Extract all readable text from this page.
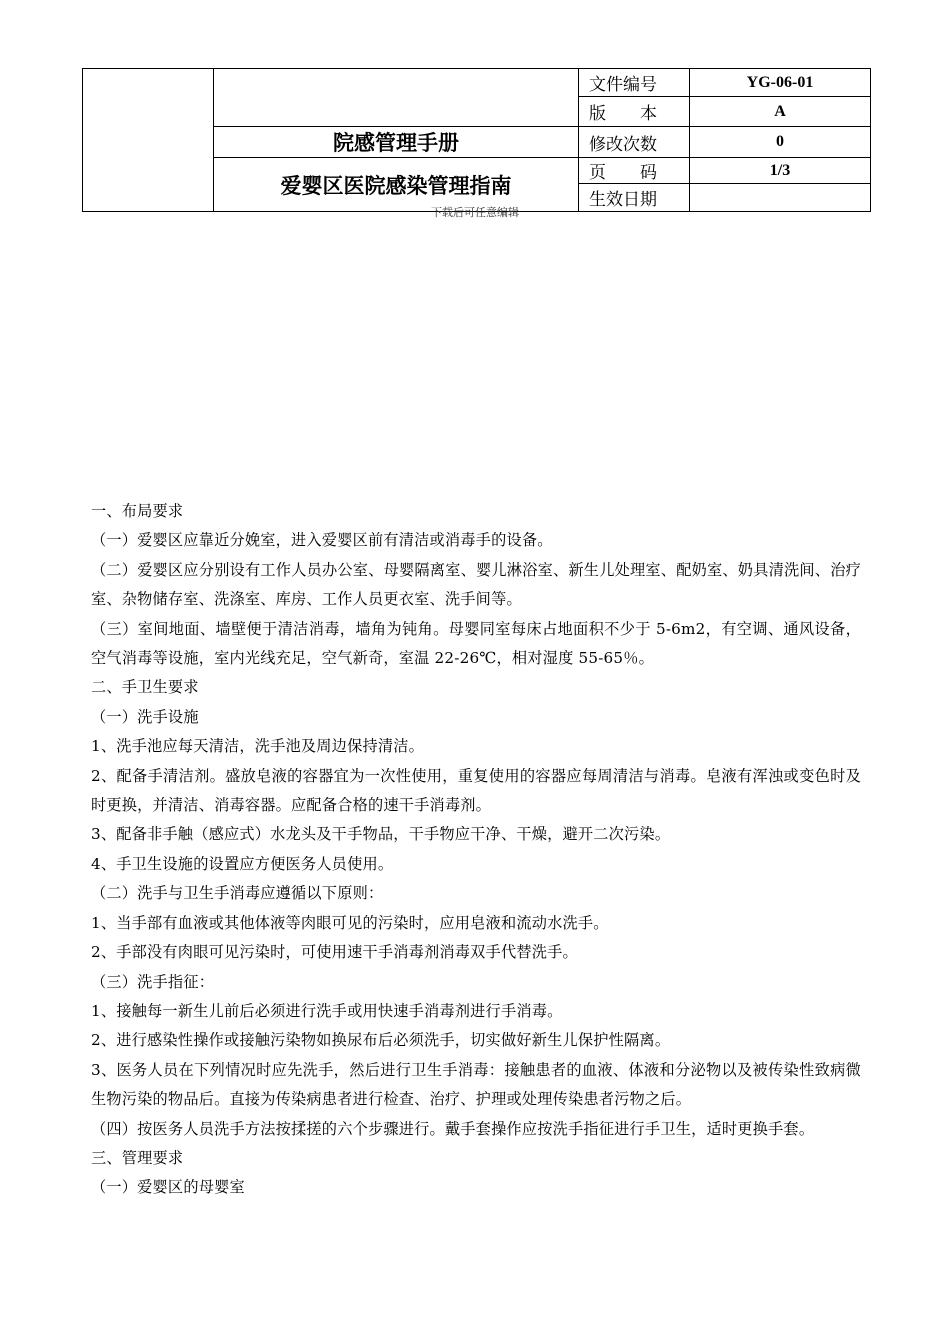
		文件编号	YG-06-01
		版　　本	A
	院感管理手册	修改次数	0
	爱婴区医院感染管理指南	页　　码	1/3
		生效日期	
下载后可任意编辑

一、布局要求

（一）爱婴区应靠近分娩室，进入爱婴区前有清洁或消毒手的设备。

（二）爱婴区应分别设有工作人员办公室、母婴隔离室、婴儿淋浴室、新生儿处理室、配奶室、奶具清洗间、治疗室、杂物储存室、洗涤室、库房、工作人员更衣室、洗手间等。

（三）室间地面、墙壁便于清洁消毒，墙角为钝角。母婴同室每床占地面积不少于 5-6m2，有空调、通风设备，空气消毒等设施，室内光线充足，空气新奇，室温 22-26℃，相对湿度 55-65％。

二、手卫生要求

（一）洗手设施

1、洗手池应每天清洁，洗手池及周边保持清洁。

2、配备手清洁剂。盛放皂液的容器宜为一次性使用，重复使用的容器应每周清洁与消毒。皂液有浑浊或变色时及时更换，并清洁、消毒容器。应配备合格的速干手消毒剂。

3、配备非手触（感应式）水龙头及干手物品，干手物应干净、干燥，避开二次污染。

4、手卫生设施的设置应方便医务人员使用。

（二）洗手与卫生手消毒应遵循以下原则：

1、当手部有血液或其他体液等肉眼可见的污染时，应用皂液和流动水洗手。

2、手部没有肉眼可见污染时，可使用速干手消毒剂消毒双手代替洗手。

（三）洗手指征：

1、接触每一新生儿前后必须进行洗手或用快速手消毒剂进行手消毒。

2、进行感染性操作或接触污染物如换尿布后必须洗手，切实做好新生儿保护性隔离。

3、医务人员在下列情况时应先洗手，然后进行卫生手消毒：接触患者的血液、体液和分泌物以及被传染性致病微生物污染的物品后。直接为传染病患者进行检查、治疗、护理或处理传染患者污物之后。

（四）按医务人员洗手方法按揉搓的六个步骤进行。戴手套操作应按洗手指征进行手卫生，适时更换手套。

三、管理要求

（一）爱婴区的母婴室
